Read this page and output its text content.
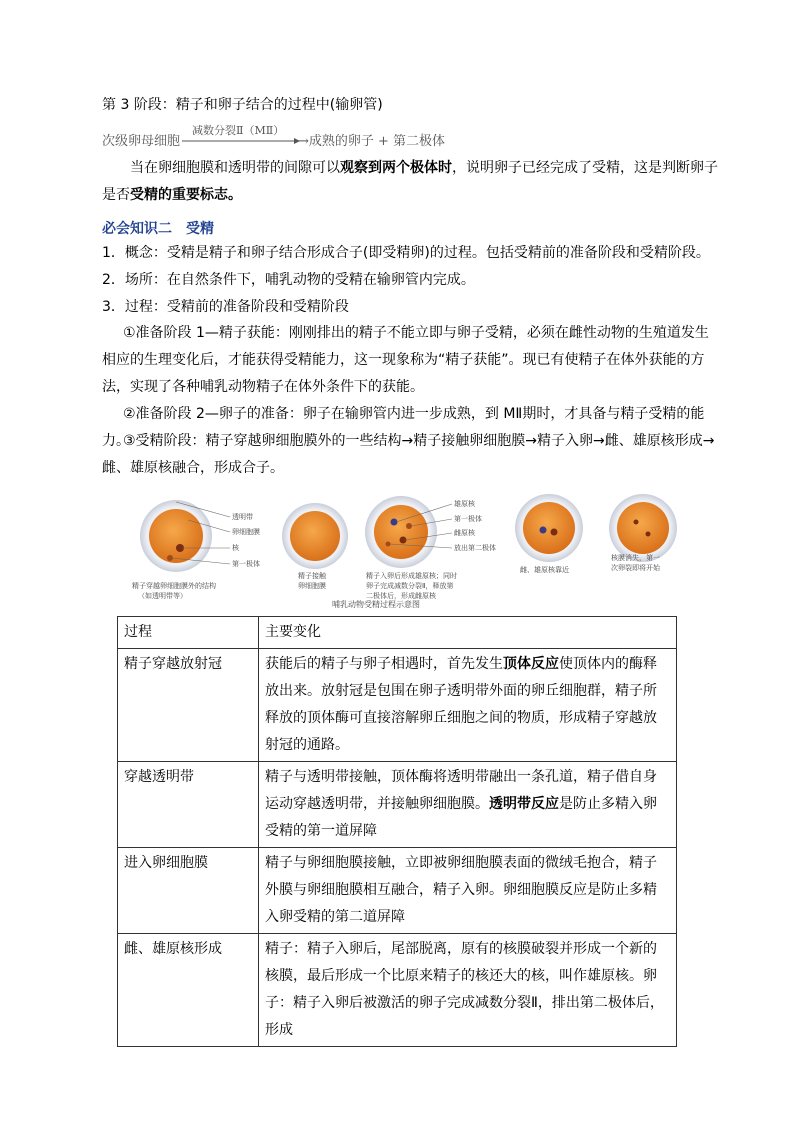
第 3 阶段：精子和卵子结合的过程中(输卵管)
次级卵母细胞
减数分裂Ⅱ（MⅡ）
→成熟的卵子 + 第二极体
当在卵细胞膜和透明带的间隙可以观察到两个极体时，说明卵子已经完成了受精，这是判断卵子是否受精的重要标志。
必会知识二　受精
1．概念：受精是精子和卵子结合形成合子(即受精卵)的过程。包括受精前的准备阶段和受精阶段。
2．场所：在自然条件下，哺乳动物的受精在输卵管内完成。
3．过程：受精前的准备阶段和受精阶段
①准备阶段 1—精子获能：刚刚排出的精子不能立即与卵子受精，必须在雌性动物的生殖道发生相应的生理变化后，才能获得受精能力，这一现象称为“精子获能”。现已有使精子在体外获能的方法，实现了各种哺乳动物精子在体外条件下的获能。
②准备阶段 2—卵子的准备：卵子在输卵管内进一步成熟，到 MⅡ期时，才具备与精子受精的能力。
③受精阶段：精子穿越卵细胞膜外的一些结构→精子接触卵细胞膜→精子入卵→雌、雄原核形成→雌、雄原核融合，形成合子。
透明带
卵细胞膜
核
第一极体
精子穿越卵细胞膜外的结构
（如透明带等）
精子接触
卵细胞膜
雄原核
第一极体
雌原核
放出第二极体
精子入卵后形成雄原核；同时
卵子完成减数分裂Ⅱ，释放第
二极体后，形成雌原核
雌、雄原核靠近
核膜消失，第一
次卵裂即将开始
哺乳动物受精过程示意图
过程	主要变化
精子穿越放射冠	获能后的精子与卵子相遇时，首先发生顶体反应使顶体内的酶释放出来。放射冠是包围在卵子透明带外面的卵丘细胞群，精子所释放的顶体酶可直接溶解卵丘细胞之间的物质，形成精子穿越放射冠的通路。
穿越透明带	精子与透明带接触，顶体酶将透明带融出一条孔道，精子借自身运动穿越透明带，并接触卵细胞膜。透明带反应是防止多精入卵受精的第一道屏障
进入卵细胞膜	精子与卵细胞膜接触，立即被卵细胞膜表面的微绒毛抱合，精子外膜与卵细胞膜相互融合，精子入卵。卵细胞膜反应是防止多精入卵受精的第二道屏障
雌、雄原核形成	精子：精子入卵后，尾部脱离，原有的核膜破裂并形成一个新的核膜，最后形成一个比原来精子的核还大的核，叫作雄原核。卵子：精子入卵后被激活的卵子完成减数分裂Ⅱ，排出第二极体后，形成
